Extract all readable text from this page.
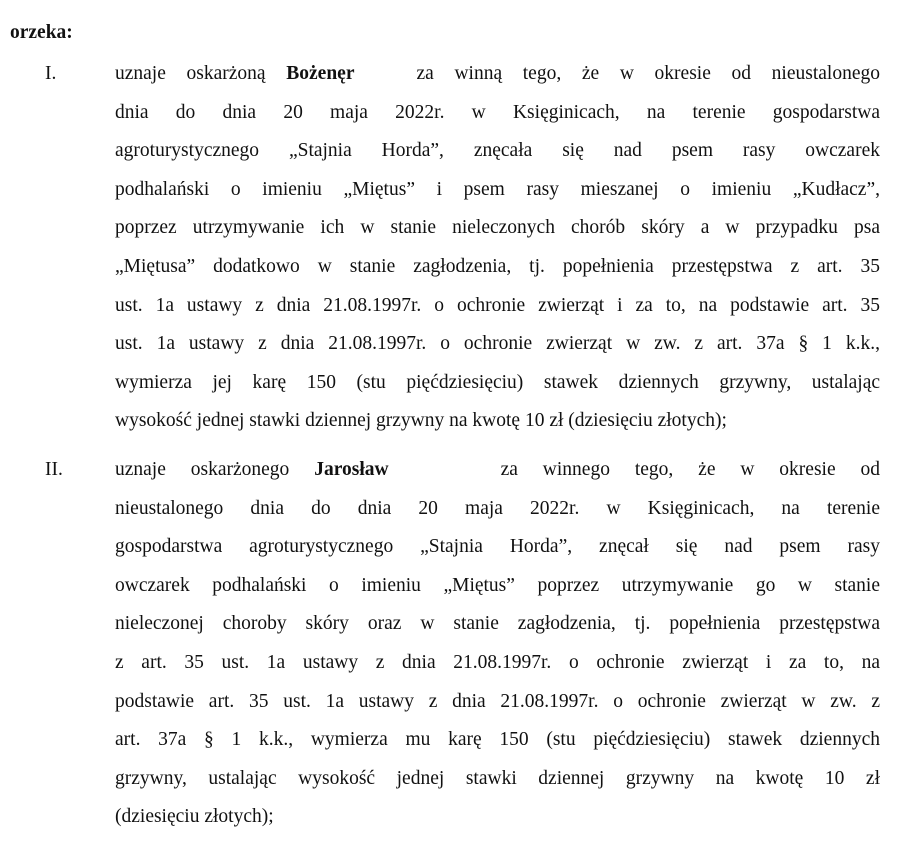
orzeka:
I.	uznaje oskarżoną Bożenęr	za winną tego, że w okresie od nieustalonego
dnia do dnia 20 maja 2022r. w Księginicach, na terenie gospodarstwa
agroturystycznego „Stajnia Horda”, znęcała się nad psem rasy owczarek
podhalański o imieniu „Miętus” i psem rasy mieszanej o imieniu „Kudłacz”,
poprzez utrzymywanie ich w stanie nieleczonych chorób skóry a w przypadku psa
„Miętusa” dodatkowo w stanie zagłodzenia, tj. popełnienia przestępstwa z art. 35
ust. 1a ustawy z dnia 21.08.1997r. o ochronie zwierząt i za to, na podstawie art. 35
ust. 1a ustawy z dnia 21.08.1997r. o ochronie zwierząt w zw. z art. 37a § 1 k.k.,
wymierza jej karę 150 (stu pięćdziesięciu) stawek dziennych grzywny, ustalając
wysokość jednej stawki dziennej grzywny na kwotę 10 zł (dziesięciu złotych);
II.	uznaje oskarżonego Jarosław	za winnego tego, że w okresie od
nieustalonego dnia do dnia 20 maja 2022r. w Księginicach, na terenie
gospodarstwa agroturystycznego „Stajnia Horda”, znęcał się nad psem rasy
owczarek podhalański o imieniu „Miętus” poprzez utrzymywanie go w stanie
nieleczonej choroby skóry oraz w stanie zagłodzenia, tj. popełnienia przestępstwa
z art. 35 ust. 1a ustawy z dnia 21.08.1997r. o ochronie zwierząt i za to, na
podstawie art. 35 ust. 1a ustawy z dnia 21.08.1997r. o ochronie zwierząt w zw. z
art. 37a § 1 k.k., wymierza mu karę 150 (stu pięćdziesięciu) stawek dziennych
grzywny, ustalając wysokość jednej stawki dziennej grzywny na kwotę 10 zł
(dziesięciu złotych);
